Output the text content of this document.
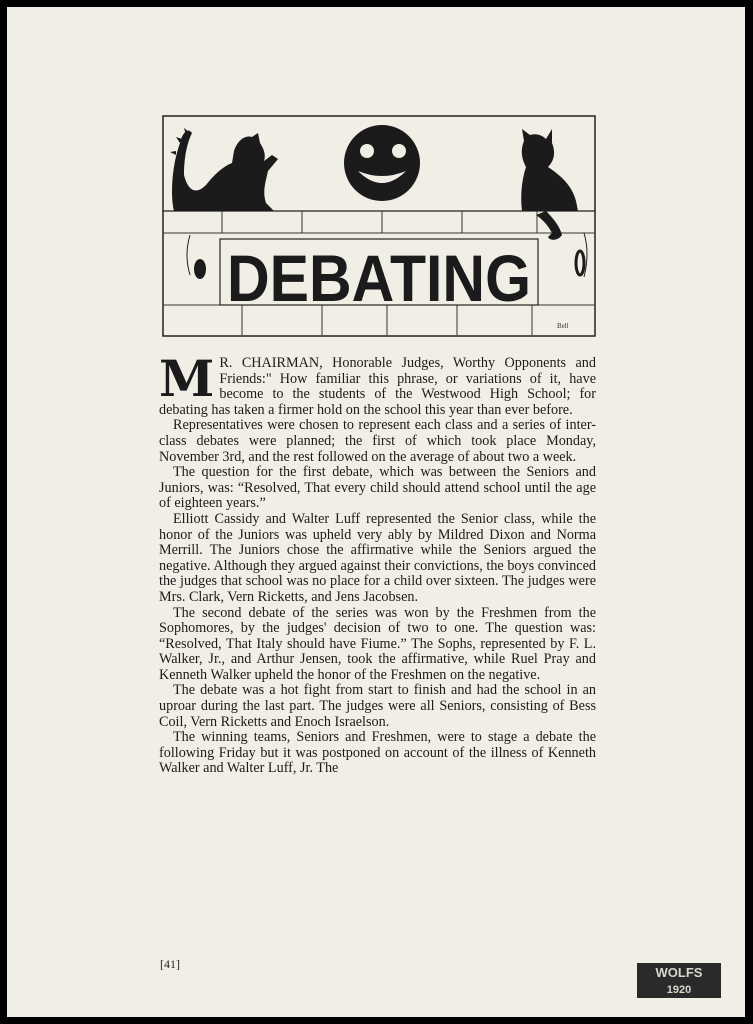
DEBATING
Bell

M R. CHAIRMAN, Honorable Judges, Worthy Opponents and Friends:" How familiar this phrase, or variations of it, have become to the students of the Westwood High School; for debating has taken a firmer hold on the school this year than ever before.

Representatives were chosen to represent each class and a series of inter-class debates were planned; the first of which took place Monday, November 3rd, and the rest followed on the average of about two a week.

The question for the first debate, which was between the Seniors and Juniors, was: “Resolved, That every child should attend school until the age of eighteen years.”

Elliott Cassidy and Walter Luff represented the Senior class, while the honor of the Juniors was upheld very ably by Mildred Dixon and Norma Merrill. The Juniors chose the affirmative while the Seniors argued the negative. Although they argued against their convictions, the boys convinced the judges that school was no place for a child over sixteen. The judges were Mrs. Clark, Vern Ricketts, and Jens Jacobsen.

The second debate of the series was won by the Freshmen from the Sophomores, by the judges' decision of two to one. The question was: “Resolved, That Italy should have Fiume.” The Sophs, represented by F. L. Walker, Jr., and Arthur Jensen, took the affirmative, while Ruel Pray and Kenneth Walker upheld the honor of the Freshmen on the negative.

The debate was a hot fight from start to finish and had the school in an uproar during the last part. The judges were all Seniors, consisting of Bess Coil, Vern Ricketts and Enoch Israelson.

The winning teams, Seniors and Freshmen, were to stage a debate the following Friday but it was postponed on account of the illness of Kenneth Walker and Walter Luff, Jr. The

[41]
WOLFS
1920
